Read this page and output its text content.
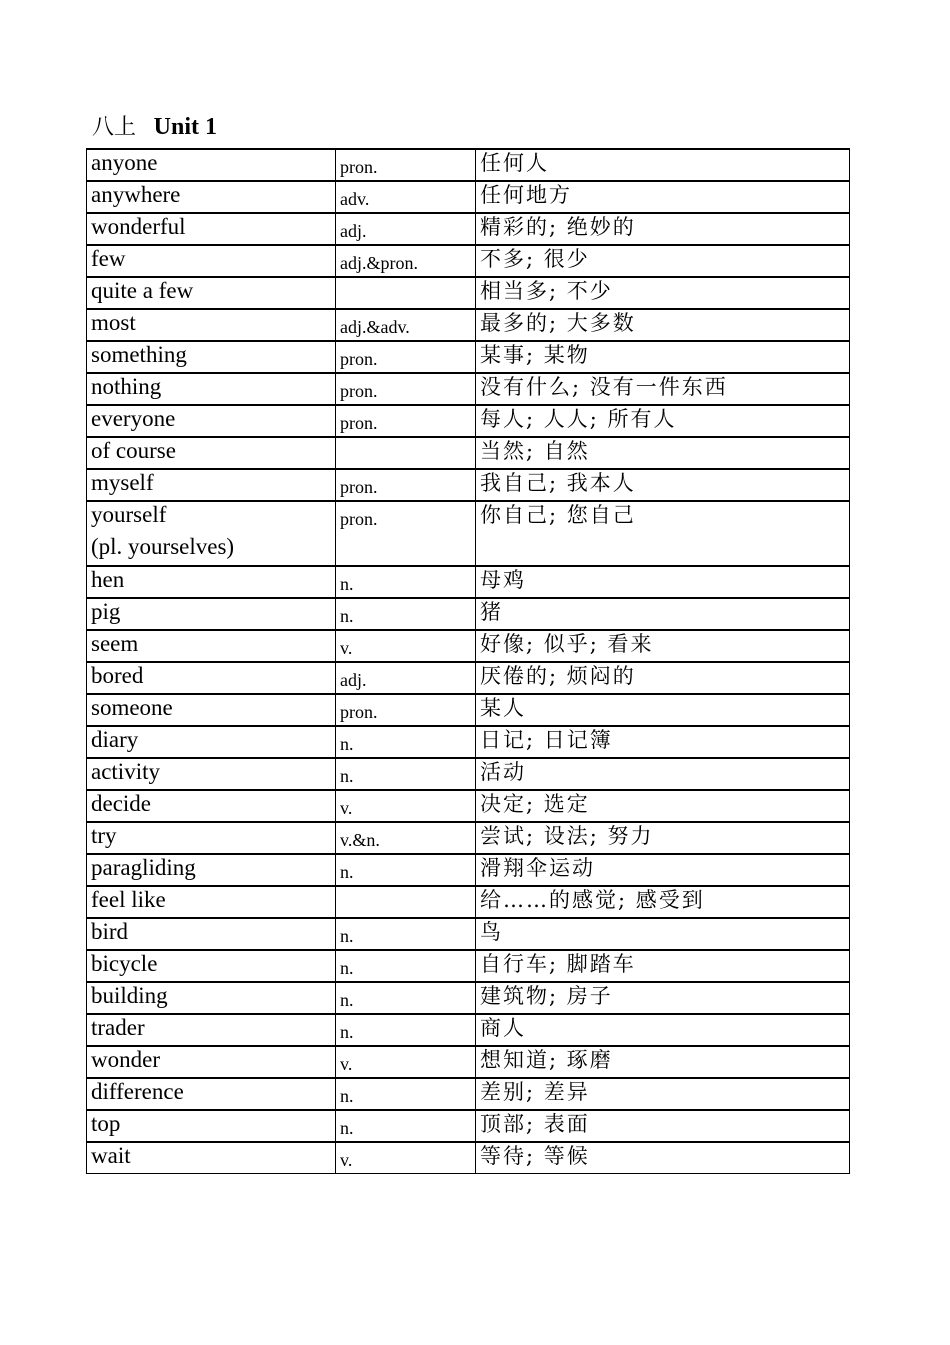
八上 Unit 1
anyone	pron.	任何人

anywhere	adv.	任何地方

wonderful	adj.	精彩的; 绝妙的

few	adj.&pron.	不多; 很少

quite a few		相当多; 不少

most	adj.&adv.	最多的; 大多数

something	pron.	某事; 某物

nothing	pron.	没有什么; 没有一件东西

everyone	pron.	每人; 人人; 所有人

of course		当然; 自然

myself	pron.	我自己; 我本人

yourself
(pl. yourselves)	pron.	你自己; 您自己

hen	n.	母鸡

pig	n.	猪

seem	v.	好像; 似乎; 看来

bored	adj.	厌倦的; 烦闷的

someone	pron.	某人

diary	n.	日记; 日记簿

activity	n.	活动

decide	v.	决定; 选定

try	v.&n.	尝试; 设法; 努力

paragliding	n.	滑翔伞运动

feel like		给……的感觉; 感受到

bird	n.	鸟

bicycle	n.	自行车; 脚踏车

building	n.	建筑物; 房子

trader	n.	商人

wonder	v.	想知道; 琢磨

difference	n.	差别; 差异

top	n.	顶部; 表面

wait	v.	等待; 等候
